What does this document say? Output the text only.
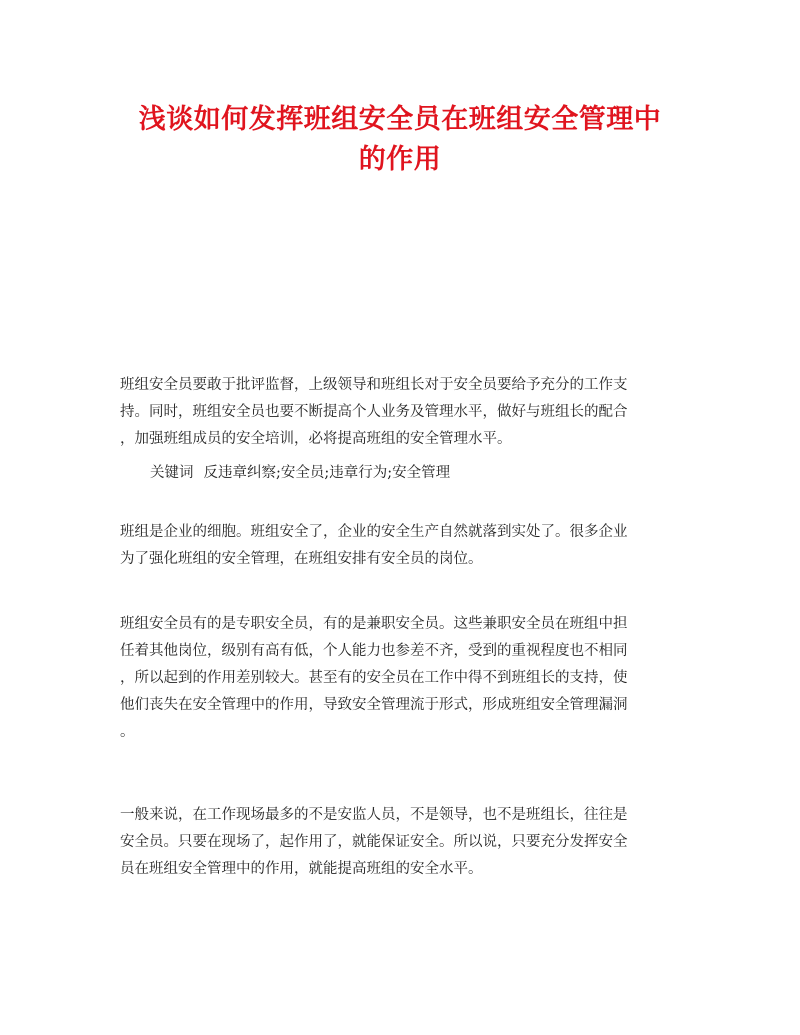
浅谈如何发挥班组安全员在班组安全管理中
的作用
班组安全员要敢于批评监督，上级领导和班组长对于安全员要给予充分的工作支
持。同时，班组安全员也要不断提高个人业务及管理水平，做好与班组长的配合
，加强班组成员的安全培训，必将提高班组的安全管理水平。
关键词 反违章纠察;安全员;违章行为;安全管理
班组是企业的细胞。班组安全了，企业的安全生产自然就落到实处了。很多企业
为了强化班组的安全管理，在班组安排有安全员的岗位。
班组安全员有的是专职安全员，有的是兼职安全员。这些兼职安全员在班组中担
任着其他岗位，级别有高有低，个人能力也参差不齐，受到的重视程度也不相同
，所以起到的作用差别较大。甚至有的安全员在工作中得不到班组长的支持，使
他们丧失在安全管理中的作用，导致安全管理流于形式，形成班组安全管理漏洞
。
一般来说，在工作现场最多的不是安监人员，不是领导，也不是班组长，往往是
安全员。只要在现场了，起作用了，就能保证安全。所以说，只要充分发挥安全
员在班组安全管理中的作用，就能提高班组的安全水平。
